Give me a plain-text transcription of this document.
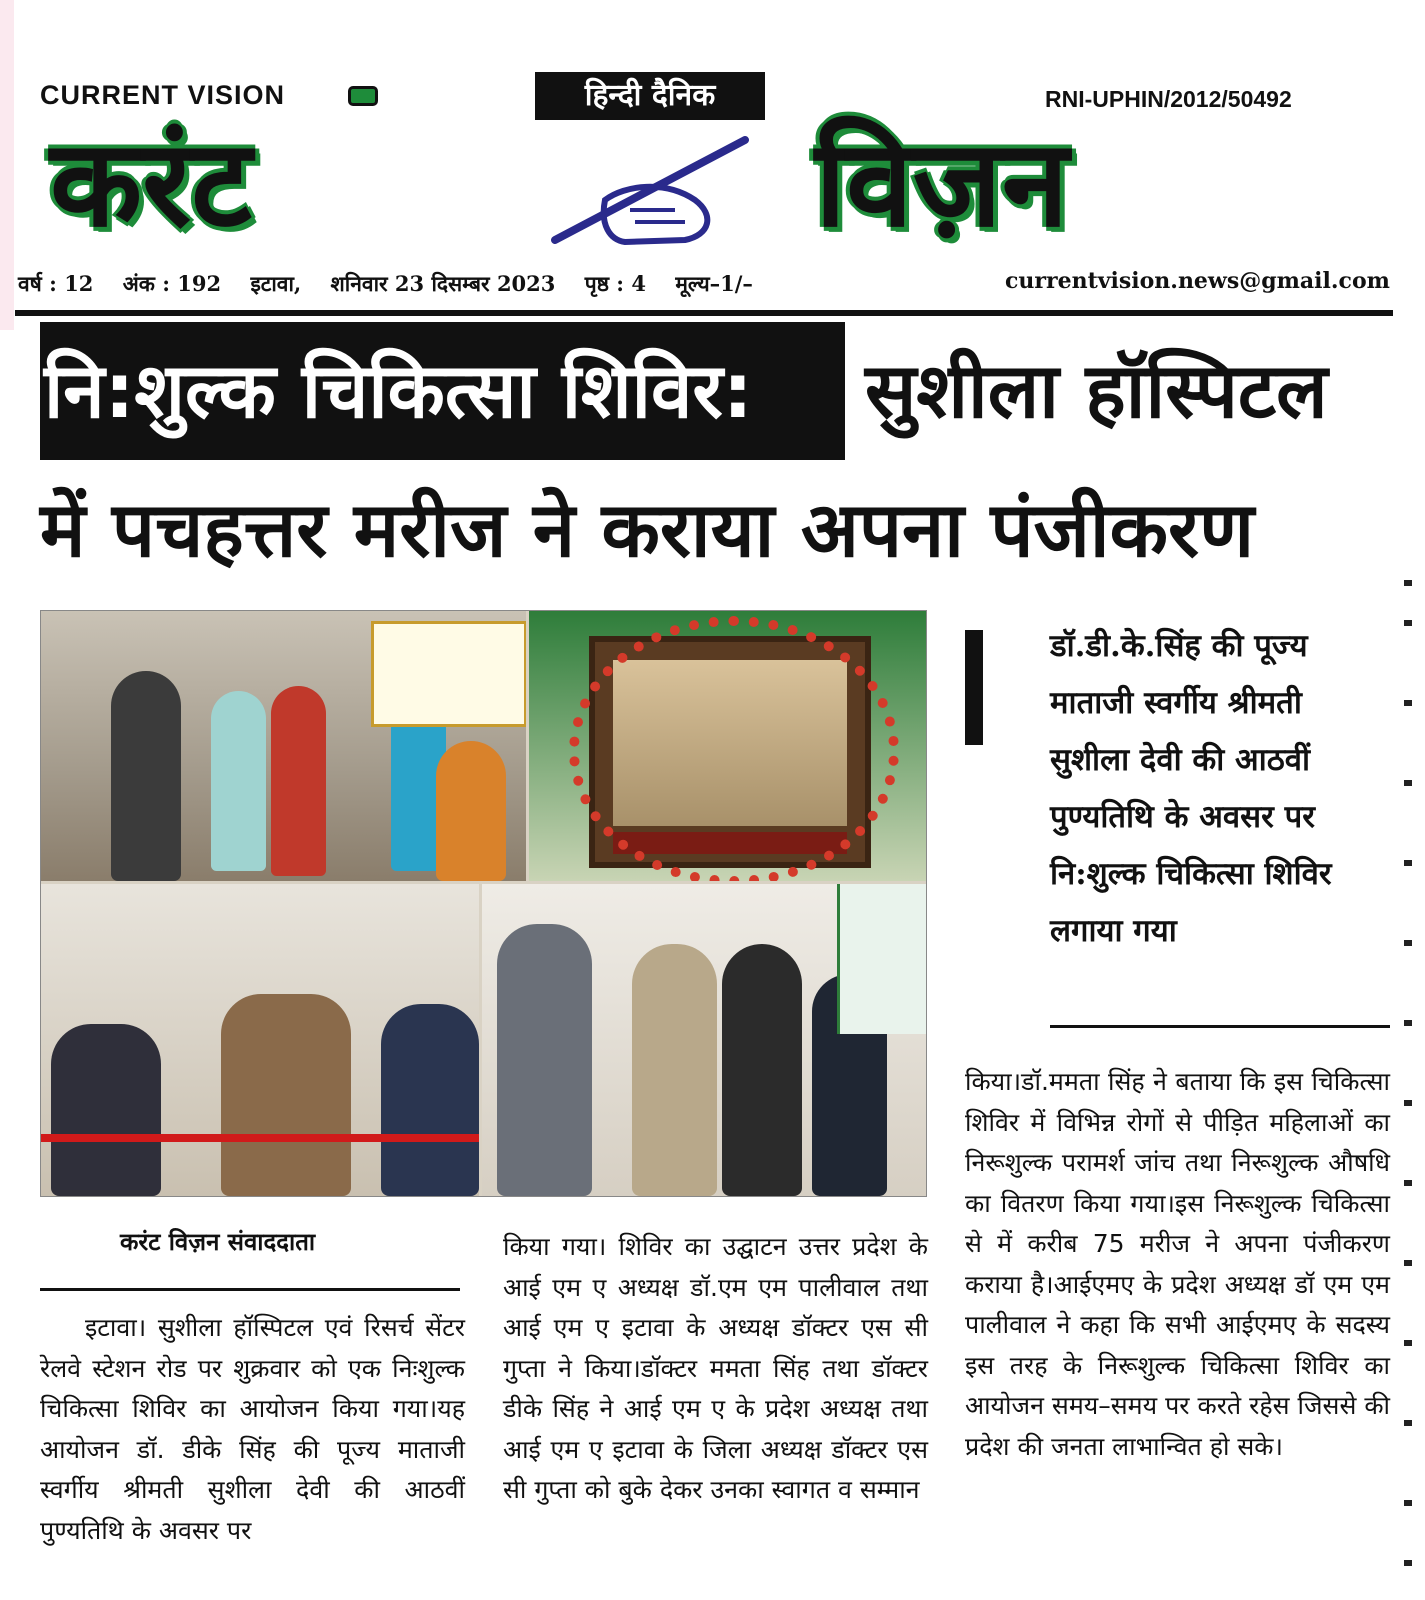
CURRENT VISION	हिन्दी दैनिक	RNI-UPHIN/2012/50492
करंट	विज़न
वर्ष : 12 अंक : 192 इटावा, शनिवार 23 दिसम्बर 2023 पृष्ठ : 4 मूल्य–1/–	currentvision.news@gmail.com
नि:शुल्क चिकित्सा शिविर: सुशीला हॉस्पिटल
में पचहत्तर मरीज ने कराया अपना पंजीकरण
डॉ.डी.के.सिंह की पूज्य माताजी स्वर्गीय श्रीमती सुशीला देवी की आठवीं पुण्यतिथि के अवसर पर नि:शुल्क चिकित्सा शिविर लगाया गया
करंट विज़न संवाददाता
इटावा। सुशीला हॉस्पिटल एवं रिसर्च सेंटर रेलवे स्टेशन रोड पर शुक्रवार को एक निःशुल्क चिकित्सा शिविर का आयोजन किया गया।यह आयोजन डॉ. डीके सिंह की पूज्य माताजी स्वर्गीय श्रीमती सुशीला देवी की आठवीं पुण्यतिथि के अवसर पर
किया गया। शिविर का उद्घाटन उत्तर प्रदेश के आई एम ए अध्यक्ष डॉ.एम एम पालीवाल तथा आई एम ए इटावा के अध्यक्ष डॉक्टर एस सी गुप्ता ने किया।डॉक्टर ममता सिंह तथा डॉक्टर डीके सिंह ने आई एम ए के प्रदेश अध्यक्ष तथा आई एम ए इटावा के जिला अध्यक्ष डॉक्टर एस सी गुप्ता को बुके देकर उनका स्वागत व सम्मान
किया।डॉ.ममता सिंह ने बताया कि इस चिकित्सा शिविर में विभिन्न रोगों से पीड़ित महिलाओं का निरूशुल्क परामर्श जांच तथा निरूशुल्क औषधि का वितरण किया गया।इस निरूशुल्क चिकित्सा से में करीब 75 मरीज ने अपना पंजीकरण कराया है।आईएमए के प्रदेश अध्यक्ष डॉ एम एम पालीवाल ने कहा कि सभी आईएमए के सदस्य इस तरह के निरूशुल्क चिकित्सा शिविर का आयोजन समय–समय पर करते रहेस जिससे की प्रदेश की जनता लाभान्वित हो सके।
